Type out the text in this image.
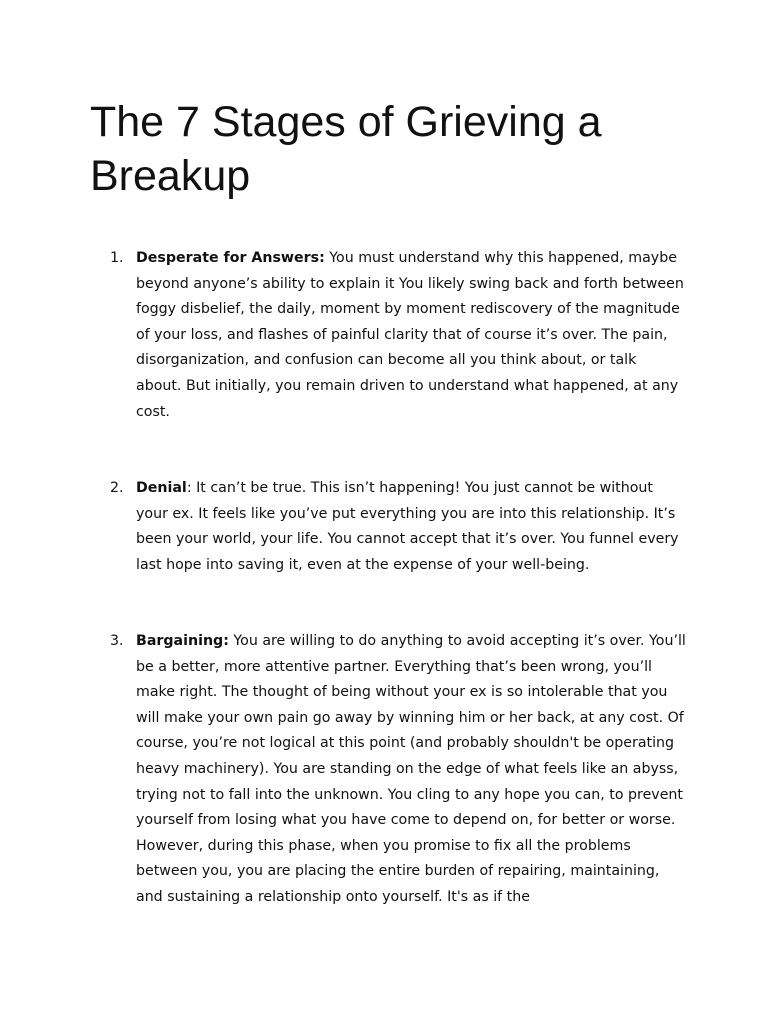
The 7 Stages of Grieving a Breakup
1. Desperate for Answers: You must understand why this happened, maybe beyond anyone’s ability to explain it You likely swing back and forth between foggy disbelief, the daily, moment by moment rediscovery of the magnitude of your loss, and flashes of painful clarity that of course it’s over. The pain, disorganization, and confusion can become all you think about, or talk about. But initially, you remain driven to understand what happened, at any cost.
2. Denial: It can’t be true. This isn’t happening! You just cannot be without your ex. It feels like you’ve put everything you are into this relationship. It’s been your world, your life. You cannot accept that it’s over. You funnel every last hope into saving it, even at the expense of your well-being.
3. Bargaining: You are willing to do anything to avoid accepting it’s over. You’ll be a better, more attentive partner. Everything that’s been wrong, you’ll make right. The thought of being without your ex is so intolerable that you will make your own pain go away by winning him or her back, at any cost. Of course, you’re not logical at this point (and probably shouldn't be operating heavy machinery). You are standing on the edge of what feels like an abyss, trying not to fall into the unknown. You cling to any hope you can, to prevent yourself from losing what you have come to depend on, for better or worse. However, during this phase, when you promise to fix all the problems between you, you are placing the entire burden of repairing, maintaining, and sustaining a relationship onto yourself. It's as if the
